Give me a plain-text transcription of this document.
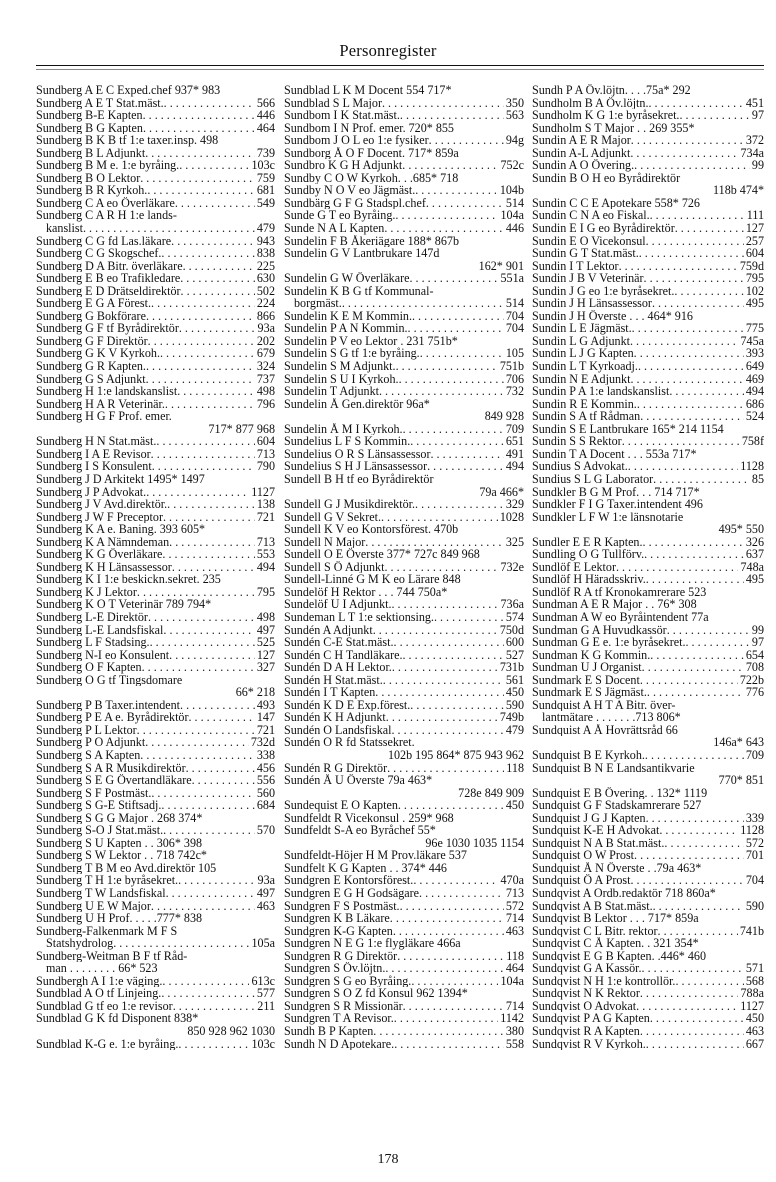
Personregister
Sundberg A E C Exped.chef 937* 983
Sundberg A E T Stat.mäst. . . .	566
Sundberg B-E Kapten . . .	446
Sundberg B G Kapten . . .	464
Sundberg B K B tf 1:e taxer.insp. 498
Sundberg B L Adjunkt . . .	739
Sundberg B M e. 1:e byråing. . . .	103c
Sundberg B O Lektor . . .	759
Sundberg B R Kyrkoh. . . .	681
Sundberg C A eo Överläkare . . .	549
Sundberg C A R H 1:e lands-
kanslist . . .	479
Sundberg C G fd Las.läkare . . .	943
Sundberg C G Skogschef. . . .	838
Sundberg D A Bitr. överläkare . . .	225
Sundberg E B eo Trafikledare . . .	630
Sundberg E D Drätseldirektör . . .	502
Sundberg E G A Förest. . . .	224
Sundberg G Bokförare . . .	866
Sundberg G F tf Byrådirektör . . .	93a
Sundberg G F Direktör . . .	202
Sundberg G K V Kyrkoh. . . .	679
Sundberg G R Kapten. . . .	324
Sundberg G S Adjunkt . . .	737
Sundberg H 1:e landskanslist . . .	498
Sundberg H A R Veterinär. . . .	796
Sundberg H G F Prof. emer.
717* 877 968
Sundberg H N Stat.mäst. . . .	604
Sundberg I A E Revisor . . .	713
Sundberg I S Konsulent . . .	790
Sundberg J D Arkitekt 1495* 1497
Sundberg J P Advokat. . . .	1127
Sundberg J V Avd.direktör. . . .	138
Sundberg J W F Preceptor . . .	721
Sundberg K A e. Baning. 393 605*
Sundberg K A Nämndeman . . .	713
Sundberg K G Överläkare . . .	553
Sundberg K H Länsassessor . . .	494
Sundberg K I 1:e beskickn.sekret. 235
Sundberg K J Lektor . . .	795
Sundberg K O T Veterinär 789 794*
Sundberg L-E Direktör . . .	498
Sundberg L-E Landsfiskal . . .	497
Sundberg L F Stadsing. . . .	525
Sundberg N-I eo Konsulent . . .	127
Sundberg O F Kapten . . .	327
Sundberg O G tf Tingsdomare
66* 218
Sundberg P B Taxer.intendent . . .	493
Sundberg P E A e. Byrådirektör . . .	147
Sundberg P L Lektor . . .	721
Sundberg P O Adjunkt . . .	732d
Sundberg S A Kapten . . .	338
Sundberg S A R Musikdirektör . . .	456
Sundberg S E G Övertandläkare . . .	556
Sundberg S F Postmäst. . . .	560
Sundberg S G-E Stiftsadj. . . .	684
Sundberg S G G Major . 268 374*
Sundberg S-O J Stat.mäst. . . .	570
Sundberg S U Kapten . . 306* 398
Sundberg S W Lektor . . 718 742c*
Sundberg T B M eo Avd.direktör 105
Sundberg T H 1:e byråsekret. . . .	93a
Sundberg T W Landsfiskal . . .	497
Sundberg U E W Major . . .	463
Sundberg U H Prof. . . . .777* 838
Sundberg-Falkenmark M F S
Statshydrolog . . .	105a
Sundberg-Weitman B F tf Råd-
man . . . . . . . . 66* 523
Sundbergh A I 1:e väging. . . .	613c
Sundblad A O tf Linjeing. . . .	577
Sundblad G tf eo 1:e revisor . . .	211
Sundblad G K fd Disponent 838*
850 928 962 1030
Sundblad K-G e. 1:e byråing. . . .	103c
Sundblad L K M Docent 554 717*
Sundblad S L Major . . .	350
Sundbom I K Stat.mäst. . . .	563
Sundbom I N Prof. emer. 720* 855
Sundbom J O L eo 1:e fysiker . . .	94g
Sundborg Å O F Docent. 717* 859a
Sundbro K G H Adjunkt . . .	752c
Sundby C O W Kyrkoh. . .685* 718
Sundby N O V eo Jägmäst. . . .	104b
Sundbärg G F G Stadspl.chef . . .	514
Sunde G T eo Byråing. . . .	104a
Sunde N A L Kapten . . .	446
Sundelin F B Åkeriägare 188* 867b
Sundelin G V Lantbrukare 147d
162* 901
Sundelin G W Överläkare . . .	551a
Sundelin K B G tf Kommunal-
borgmäst. . . .	514
Sundelin K E M Kommin. . . .	704
Sundelin P A N Kommin. . . .	704
Sundelin P V eo Lektor . 231 751b*
Sundelin S G tf 1:e byråing. . . .	105
Sundelin S M Adjunkt. . . .	751b
Sundelin S U I Kyrkoh. . . .	706
Sundelin T Adjunkt . . .	732
Sundelin Å Gen.direktör 96a*
849 928
Sundelin Å M I Kyrkoh. . . .	709
Sundelius L F S Kommin. . . .	651
Sundelius O R S Länsassessor . . .	491
Sundelius S H J Länsassessor . . .	494
Sundell B H tf eo Byrådirektör
79a 466*
Sundell G J Musikdirektör. . . .	329
Sundell G V Sekret. . . .	1028
Sundell K V eo Kontorsförest. 470b
Sundell N Major . . .	325
Sundell O E Överste 377* 727c 849 968
Sundell S Ö Adjunkt . . .	732e
Sundell-Linné G M K eo Lärare 848
Sundelöf H Rektor . . . 744 750a*
Sundelöf U I Adjunkt. . . .	736a
Sundeman L T 1:e sektionsing. . . .	574
Sundén A Adjunkt . . .	750d
Sundén C-E Stat.mäst. . . .	600
Sundén C H Tandläkare. . . .	527
Sundén D A H Lektor. . . .	731b
Sundén H Stat.mäst. . . .	561
Sundén I T Kapten . . .	450
Sundén K D E Exp.förest. . . .	590
Sundén K H Adjunkt . . .	749b
Sundén O Landsfiskal . . .	479
Sundén O R fd Statssekret.
102b 195 864* 875 943 962
Sundén R G Direktör . . .	118
Sundén Å U Överste 79a 463*
728e 849 909
Sundequist E O Kapten . . .	450
Sundfeldt R Vicekonsul . 259* 968
Sundfeldt S-A eo Byråchef 55*
96e 1030 1035 1154
Sundfeldt-Höjer H M Prov.läkare 537
Sundfelt K G Kapten . . 374* 446
Sundgren E Kontorsförest. . . .	470a
Sundgren E G H Godsägare . . .	713
Sundgren F S Postmäst. . . .	572
Sundgren K B Läkare . . .	714
Sundgren K-G Kapten . . .	463
Sundgren N E G 1:e flygläkare 466a
Sundgren R G Direktör . . .	118
Sundgren S Öv.löjtn. . . .	464
Sundgren S G eo Byråing. . . .	104a
Sundgren S O Z fd Konsul 962 1394*
Sundgren S R Missionär . . .	714
Sundgren T A Revisor. . . .	1142
Sundh B P Kapten . . .	380
Sundh N D Apotekare. . . .	558
Sundh P A Öv.löjtn. . . .75a* 292
Sundholm B A Öv.löjtn. . . .	451
Sundholm K G 1:e byråsekret. . . .	97
Sundholm S T Major . . 269 355*
Sundin A E R Major . . .	372
Sundin A-L Adjunkt . . .	734a
Sundin A O Övering. . . .	99
Sundin B O H eo Byrådirektör
118b 474*
Sundin C C E Apotekare 558* 726
Sundin C N A eo Fiskal. . . .	111
Sundin E I G eo Byrådirektör . . .	127
Sundin E O Vicekonsul . . .	257
Sundin G T Stat.mäst. . . .	604
Sundin I T Lektor . . .	759d
Sundin J B V Veterinär . . .	795
Sundin J G eo 1:e byråsekret. . . .	102
Sundin J H Länsassessor . . .	495
Sundin J H Överste . . . 464* 916
Sundin L E Jägmäst. . . .	775
Sundin L G Adjunkt . . .	745a
Sundin L J G Kapten . . .	393
Sundin L T Kyrkoadj. . . .	649
Sundin N E Adjunkt . . .	469
Sundin P A 1:e landskanslist . . .	494
Sundin R E Kommin. . . .	686
Sundin S A tf Rådman . . .	524
Sundin S E Lantbrukare 165* 214 1154
Sundin S S Rektor . . .	758f
Sundin T A Docent . . . 553a 717*
Sundius S Advokat. . . .	1128
Sundius S L G Laborator . . .	85
Sundkler B G M Prof. . . 714 717*
Sundkler F I G Taxer.intendent 496
Sundkler L F W 1:e länsnotarie
495* 550
Sundler E E R Kapten. . . .	326
Sundling O G Tullförv. . . .	637
Sundlöf E Lektor . . .	748a
Sundlöf H Häradsskriv. . . .	495
Sundlöf R A tf Kronokamrerare 523
Sundman A E R Major . . 76* 308
Sundman A W eo Byråintendent 77a
Sundman G A Huvudkassör . . .	99
Sundman G E e. 1:e byråsekret. . . .	97
Sundman K G Kommin. . . .	654
Sundman U J Organist . . .	708
Sundmark E S Docent . . .	722b
Sundmark E S Jägmäst. . . .	776
Sundquist A H T A Bitr. över-
lantmätare . . . . . . .713 806*
Sundquist A Å Hovrättsråd 66
146a* 643
Sundquist B E Kyrkoh. . . .	709
Sundquist B N E Landsantikvarie
770* 851
Sundquist E B Övering. . 132* 1119
Sundquist G F Stadskamrerare 527
Sundquist J G J Kapten . . .	339
Sundquist K-E H Advokat . . .	1128
Sundquist N A B Stat.mäst. . . .	572
Sundquist O W Prost . . .	701
Sundquist Å N Överste . .79a 463*
Sundquist Ö A Prost . . .	704
Sundqvist A Ordb.redaktör 718 860a*
Sundqvist A B Stat.mäst. . . .	590
Sundqvist B Lektor . . . 717* 859a
Sundqvist C L Bitr. rektor . . .	741b
Sundqvist C Å Kapten. . 321 354*
Sundqvist E G B Kapten. .446* 460
Sundqvist G A Kassör. . . .	571
Sundqvist N H 1:e kontrollör. . . .	568
Sundqvist N K Rektor . . .	788a
Sundqvist O Advokat . . .	1127
Sundqvist P A G Kapten . . .	450
Sundqvist R A Kapten . . .	463
Sundqvist R V Kyrkoh. . . .	667
178
